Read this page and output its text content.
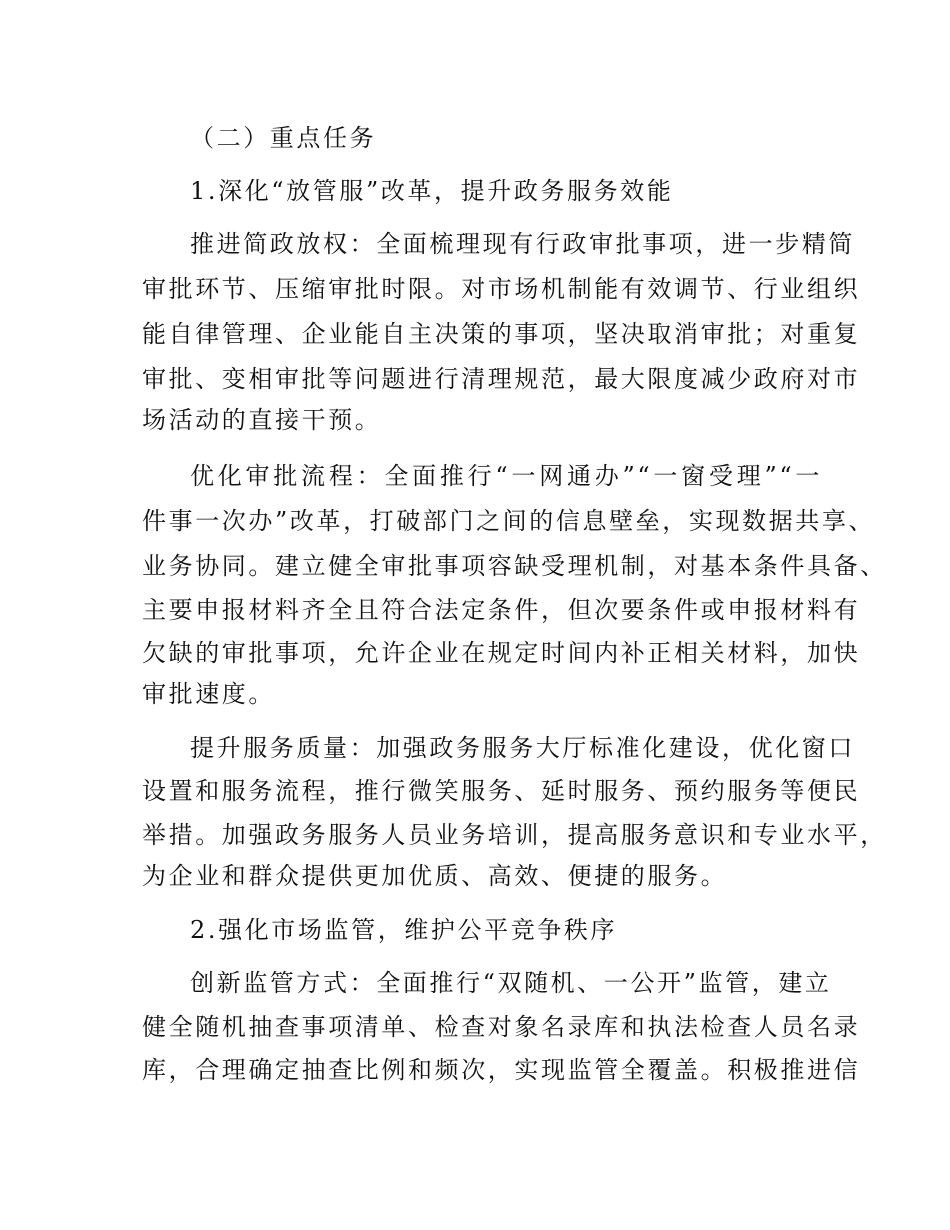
（二）重点任务
1.深化“放管服”改革，提升政务服务效能
推进简政放权：全面梳理现有行政审批事项，进一步精简
审批环节、压缩审批时限。对市场机制能有效调节、行业组织
能自律管理、企业能自主决策的事项，坚决取消审批；对重复
审批、变相审批等问题进行清理规范，最大限度减少政府对市
场活动的直接干预。
优化审批流程：全面推行“一网通办”“一窗受理”“一
件事一次办”改革，打破部门之间的信息壁垒，实现数据共享、
业务协同。建立健全审批事项容缺受理机制，对基本条件具备、
主要申报材料齐全且符合法定条件，但次要条件或申报材料有
欠缺的审批事项，允许企业在规定时间内补正相关材料，加快
审批速度。
提升服务质量：加强政务服务大厅标准化建设，优化窗口
设置和服务流程，推行微笑服务、延时服务、预约服务等便民
举措。加强政务服务人员业务培训，提高服务意识和专业水平，
为企业和群众提供更加优质、高效、便捷的服务。
2.强化市场监管，维护公平竞争秩序
创新监管方式：全面推行“双随机、一公开”监管，建立
健全随机抽查事项清单、检查对象名录库和执法检查人员名录
库，合理确定抽查比例和频次，实现监管全覆盖。积极推进信
